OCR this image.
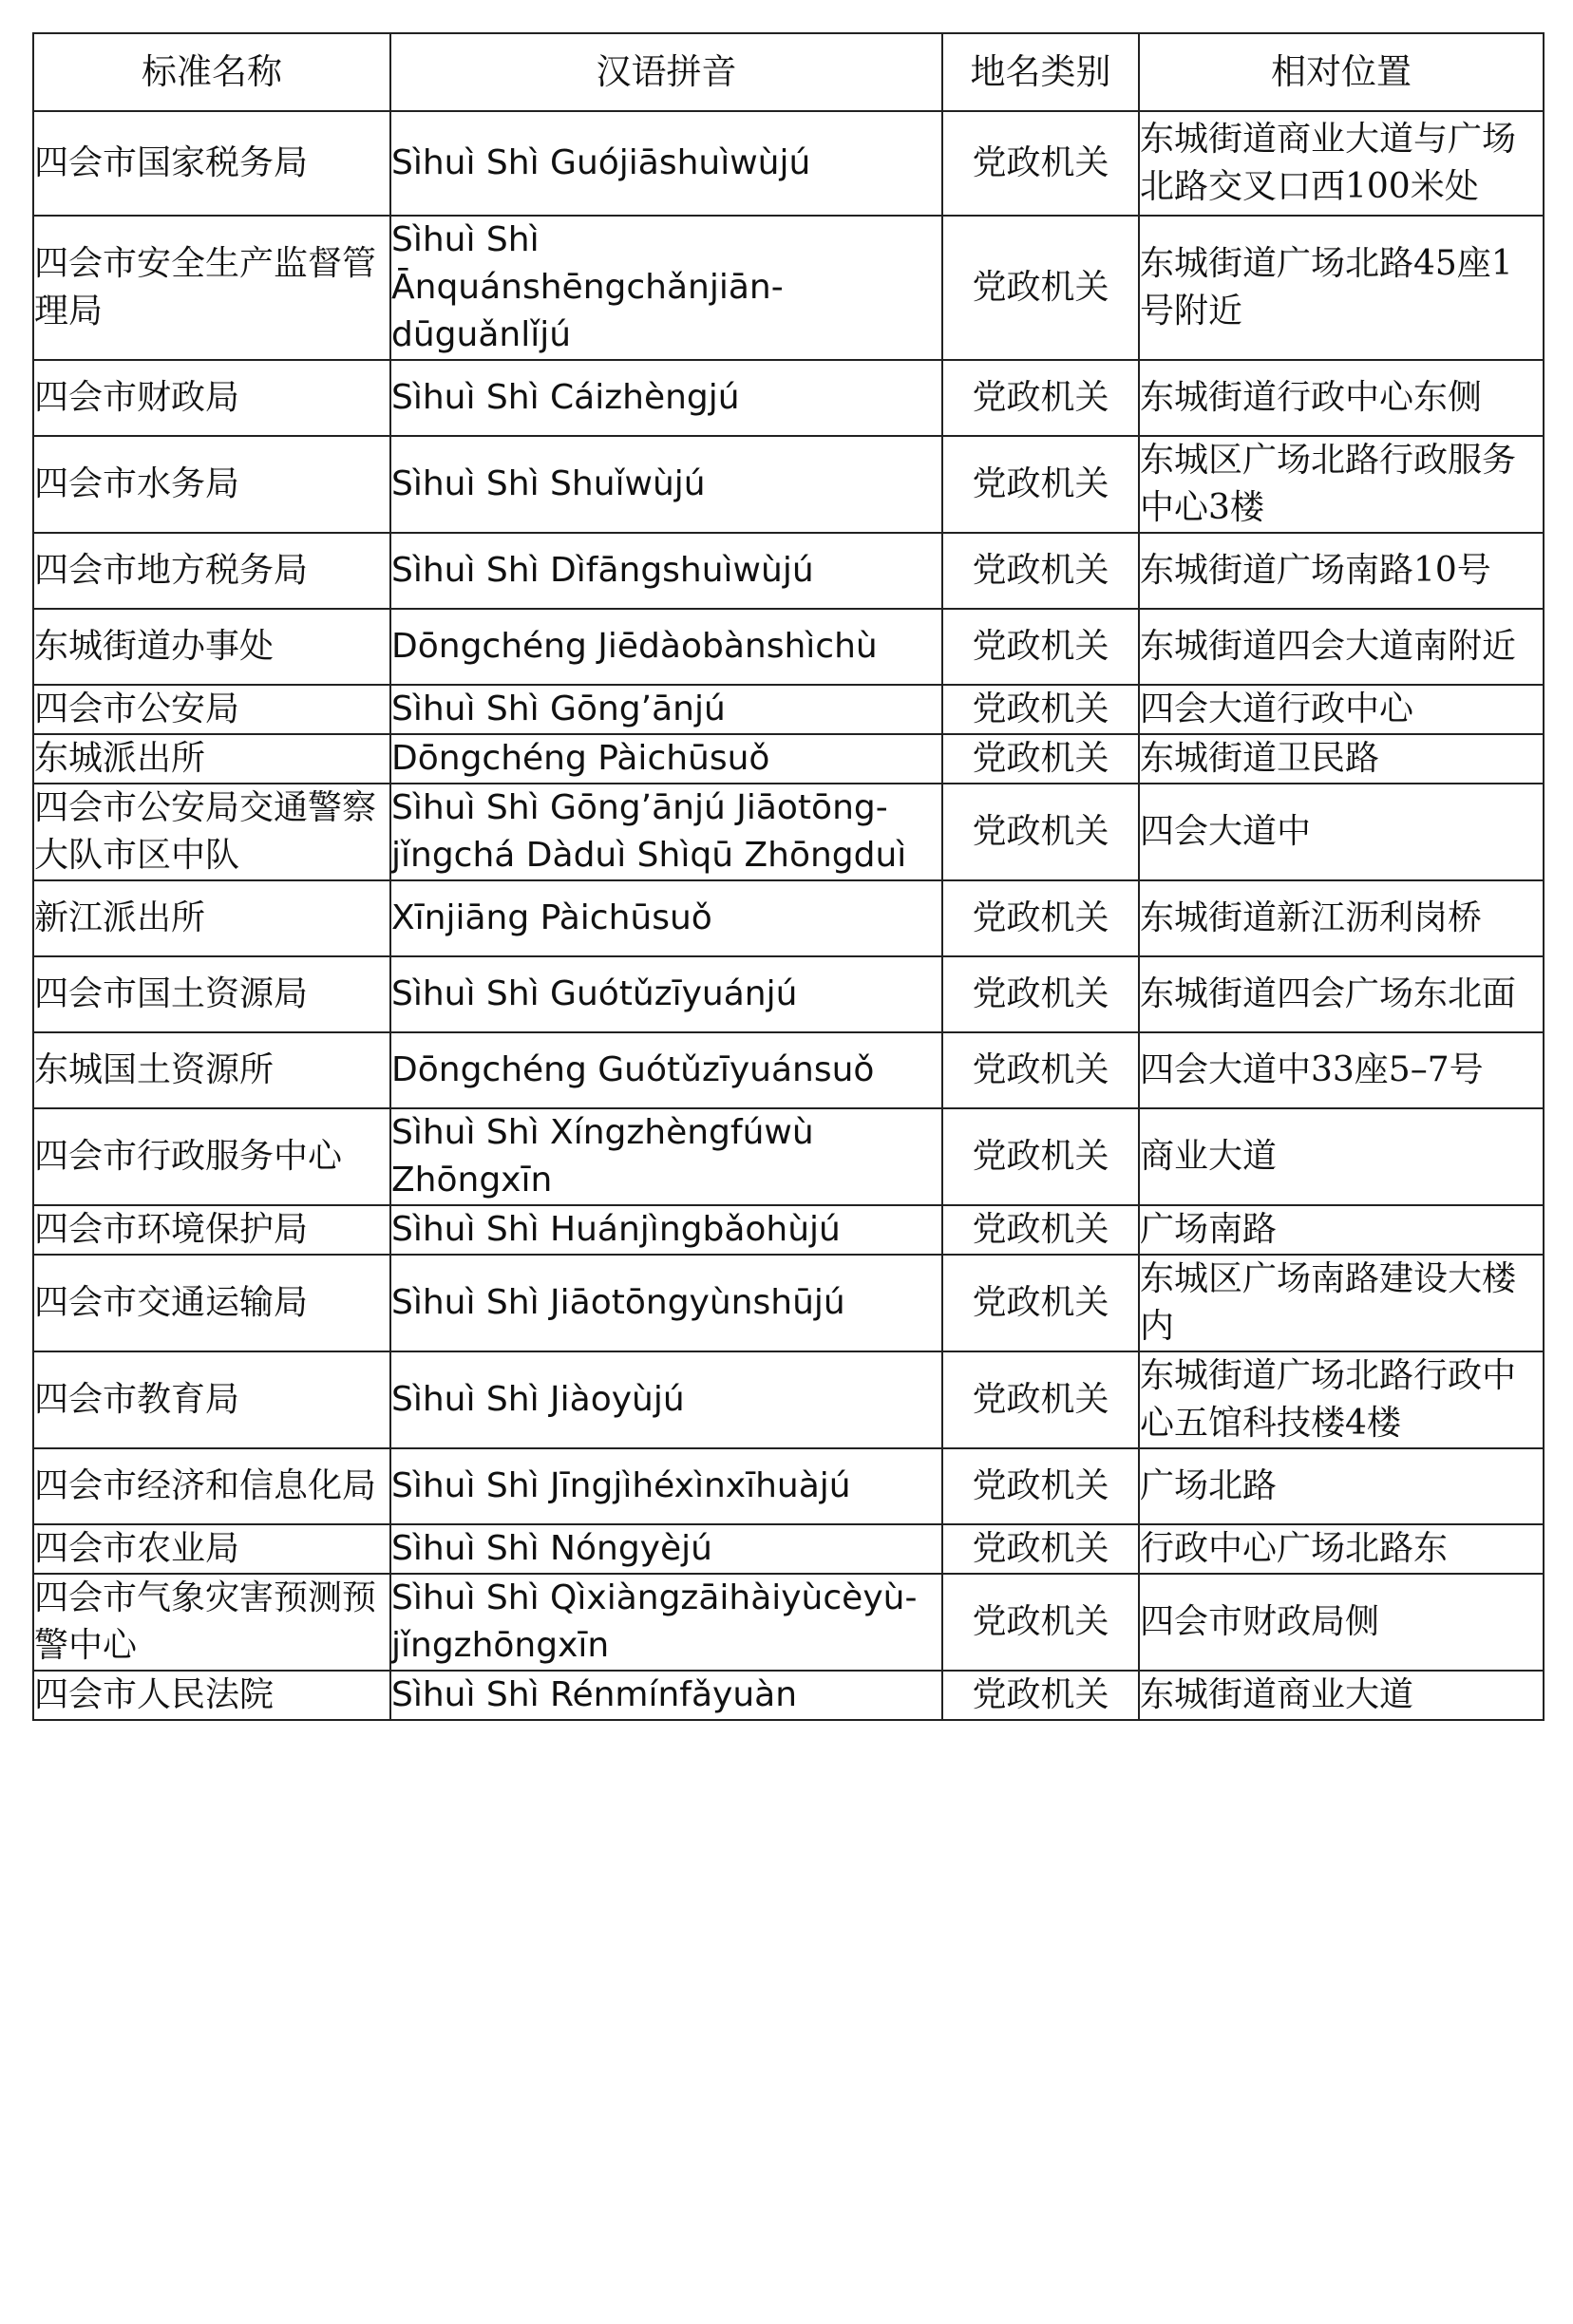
标准名称	汉语拼音	地名类别	相对位置

四会市国家税务局	Sìhuì Shì Guójiāshuìwùjú	党政机关	东城街道商业大道与广场北路交叉口西100米处

四会市安全生产监督管理局	Sìhuì Shì Ānquánshēngchǎnjiān-dūguǎnlǐjú	党政机关	东城街道广场北路45座1号附近

四会市财政局	Sìhuì Shì Cáizhèngjú	党政机关	东城街道行政中心东侧

四会市水务局	Sìhuì Shì Shuǐwùjú	党政机关	东城区广场北路行政服务中心3楼

四会市地方税务局	Sìhuì Shì Dìfāngshuìwùjú	党政机关	东城街道广场南路10号

东城街道办事处	Dōngchéng Jiēdàobànshìchù	党政机关	东城街道四会大道南附近

四会市公安局	Sìhuì Shì Gōng’ānjú	党政机关	四会大道行政中心

东城派出所	Dōngchéng Pàichūsuǒ	党政机关	东城街道卫民路

四会市公安局交通警察大队市区中队	Sìhuì Shì Gōng’ānjú Jiāotōng-jǐngchá Dàduì Shìqū Zhōngduì	党政机关	四会大道中

新江派出所	Xīnjiāng Pàichūsuǒ	党政机关	东城街道新江沥利岗桥

四会市国土资源局	Sìhuì Shì Guótǔzīyuánjú	党政机关	东城街道四会广场东北面

东城国土资源所	Dōngchéng Guótǔzīyuánsuǒ	党政机关	四会大道中33座5–7号

四会市行政服务中心	Sìhuì Shì Xíngzhèngfúwù Zhōngxīn	党政机关	商业大道

四会市环境保护局	Sìhuì Shì Huánjìngbǎohùjú	党政机关	广场南路

四会市交通运输局	Sìhuì Shì Jiāotōngyùnshūjú	党政机关	东城区广场南路建设大楼内

四会市教育局	Sìhuì Shì Jiàoyùjú	党政机关	东城街道广场北路行政中心五馆科技楼4楼

四会市经济和信息化局	Sìhuì Shì Jīngjìhéxìnxīhuàjú	党政机关	广场北路

四会市农业局	Sìhuì Shì Nóngyèjú	党政机关	行政中心广场北路东

四会市气象灾害预测预警中心	Sìhuì Shì Qìxiàngzāihàiyùcèyù-jǐngzhōngxīn	党政机关	四会市财政局侧

四会市人民法院	Sìhuì Shì Rénmínfǎyuàn	党政机关	东城街道商业大道
